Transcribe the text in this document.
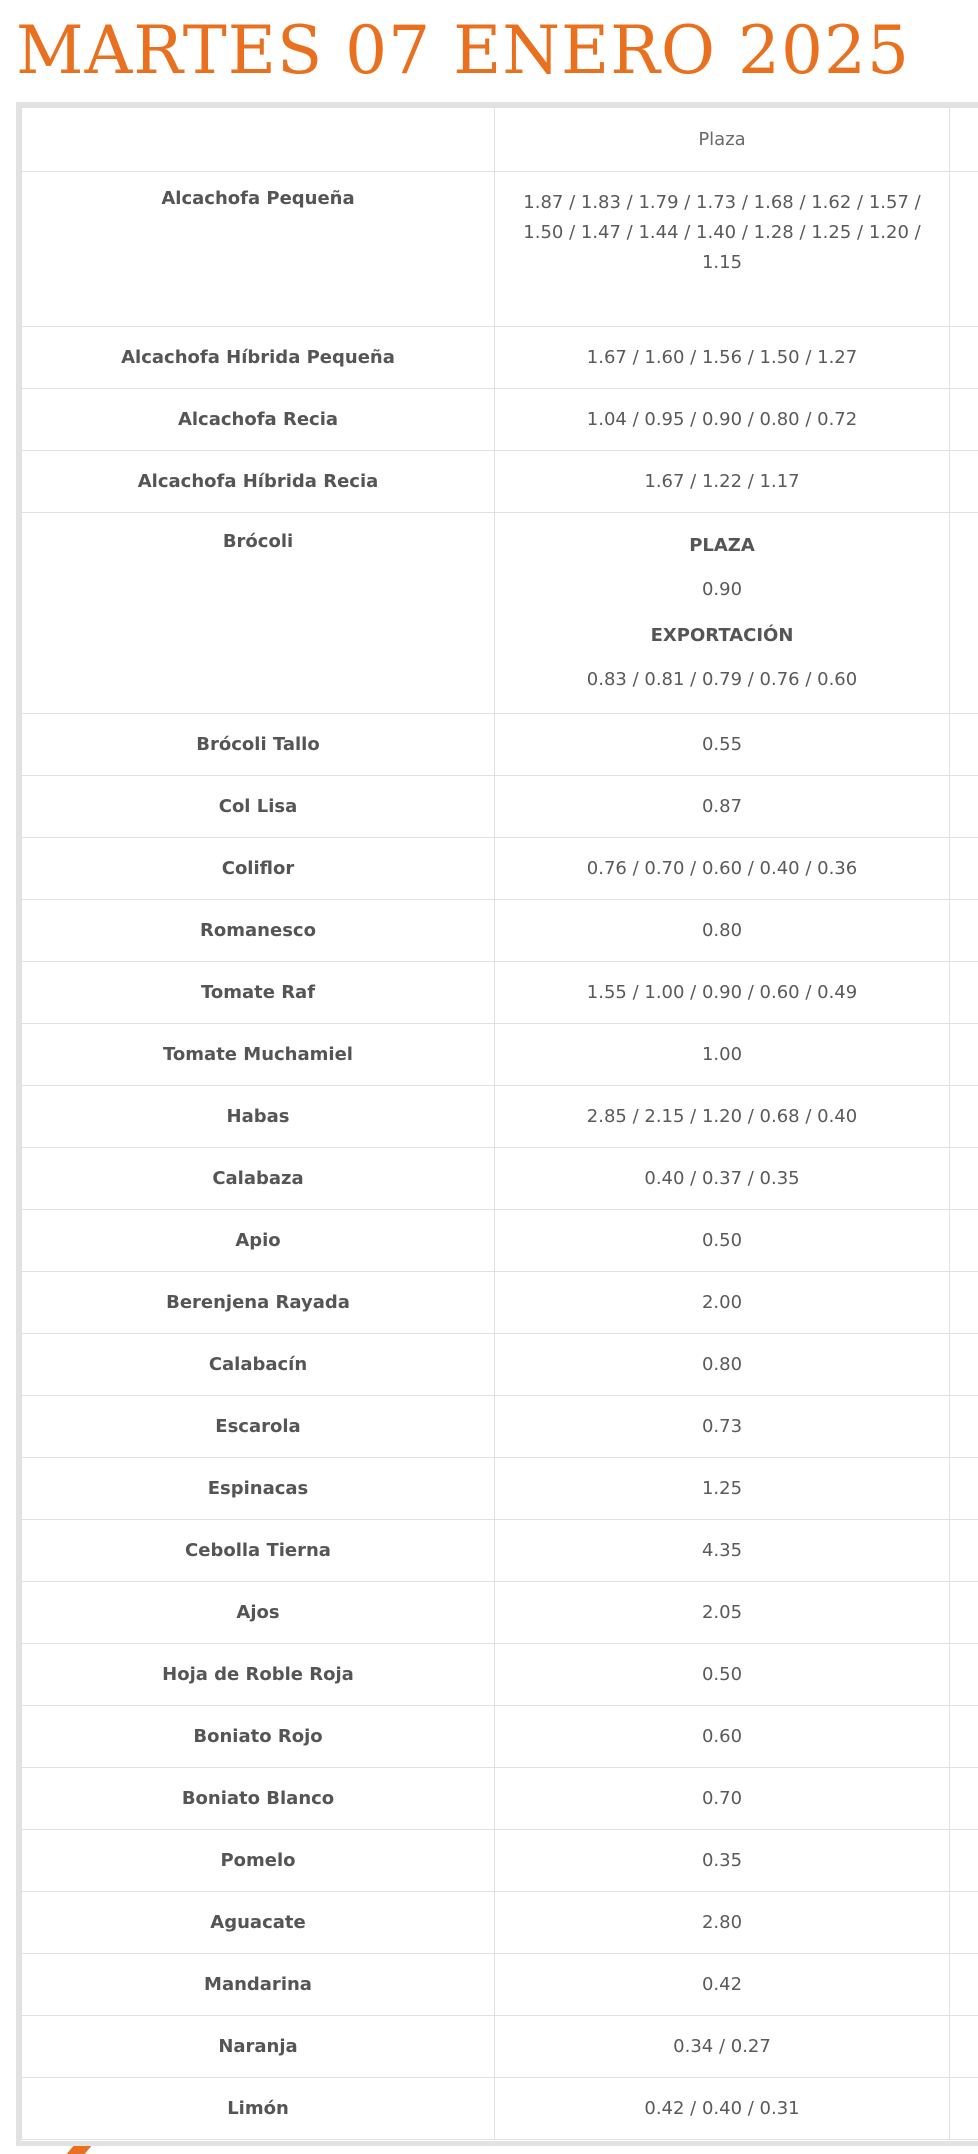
MARTES 07 ENERO 2025
	Plaza	
Alcachofa Pequeña	1.87 / 1.83 / 1.79 / 1.73 / 1.68 / 1.62 / 1.57 / 1.50 / 1.47 / 1.44 / 1.40 / 1.28 / 1.25 / 1.20 / 1.15	
Alcachofa Híbrida Pequeña	1.67 / 1.60 / 1.56 / 1.50 / 1.27	
Alcachofa Recia	1.04 / 0.95 / 0.90 / 0.80 / 0.72	
Alcachofa Híbrida Recia	1.67 / 1.22 / 1.17	
Brócoli	PLAZA
0.90
EXPORTACIÓN
0.83 / 0.81 / 0.79 / 0.76 / 0.60	

Brócoli Tallo	0.55	
Col Lisa	0.87	
Coliflor	0.76 / 0.70 / 0.60 / 0.40 / 0.36	
Romanesco	0.80	
Tomate Raf	1.55 / 1.00 / 0.90 / 0.60 / 0.49	
Tomate Muchamiel	1.00	
Habas	2.85 / 2.15 / 1.20 / 0.68 / 0.40	
Calabaza	0.40 / 0.37 / 0.35	
Apio	0.50	
Berenjena Rayada	2.00	
Calabacín	0.80	
Escarola	0.73	
Espinacas	1.25	
Cebolla Tierna	4.35	
Ajos	2.05	
Hoja de Roble Roja	0.50	
Boniato Rojo	0.60	
Boniato Blanco	0.70	
Pomelo	0.35	
Aguacate	2.80	
Mandarina	0.42	
Naranja	0.34 / 0.27	
Limón	0.42 / 0.40 / 0.31	
